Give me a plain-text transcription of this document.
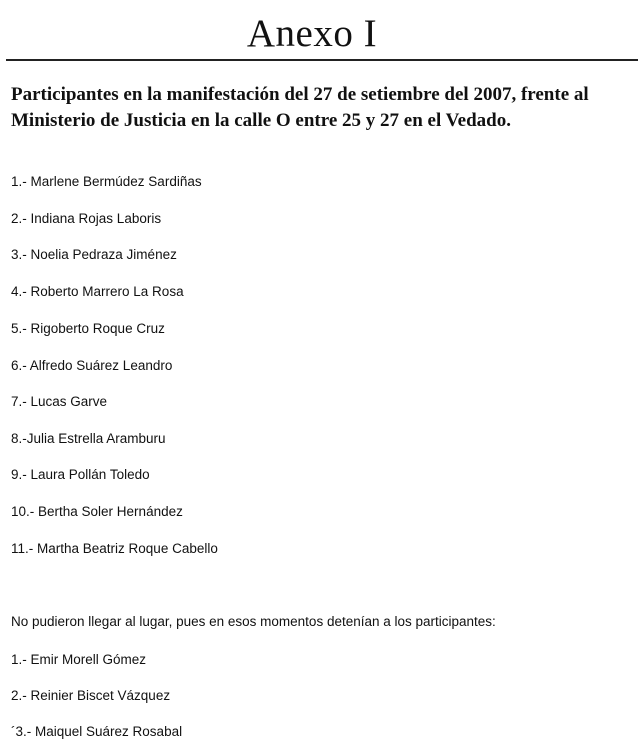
Anexo I

Participantes en la manifestación del 27 de setiembre del 2007, frente al

Ministerio de Justicia en la calle O entre 25 y 27 en el Vedado.

1.- Marlene Bermúdez Sardiñas
2.- Indiana Rojas Laboris
3.- Noelia Pedraza Jiménez
4.- Roberto Marrero La Rosa
5.- Rigoberto Roque Cruz
6.- Alfredo Suárez Leandro
7.- Lucas Garve
8.-Julia Estrella Aramburu
9.- Laura Pollán Toledo
10.- Bertha Soler Hernández
11.- Martha Beatriz Roque Cabello
No pudieron llegar al lugar, pues en esos momentos detenían a los participantes:
1.- Emir Morell Gómez
2.- Reinier Biscet Vázquez
´3.- Maiquel Suárez Rosabal
